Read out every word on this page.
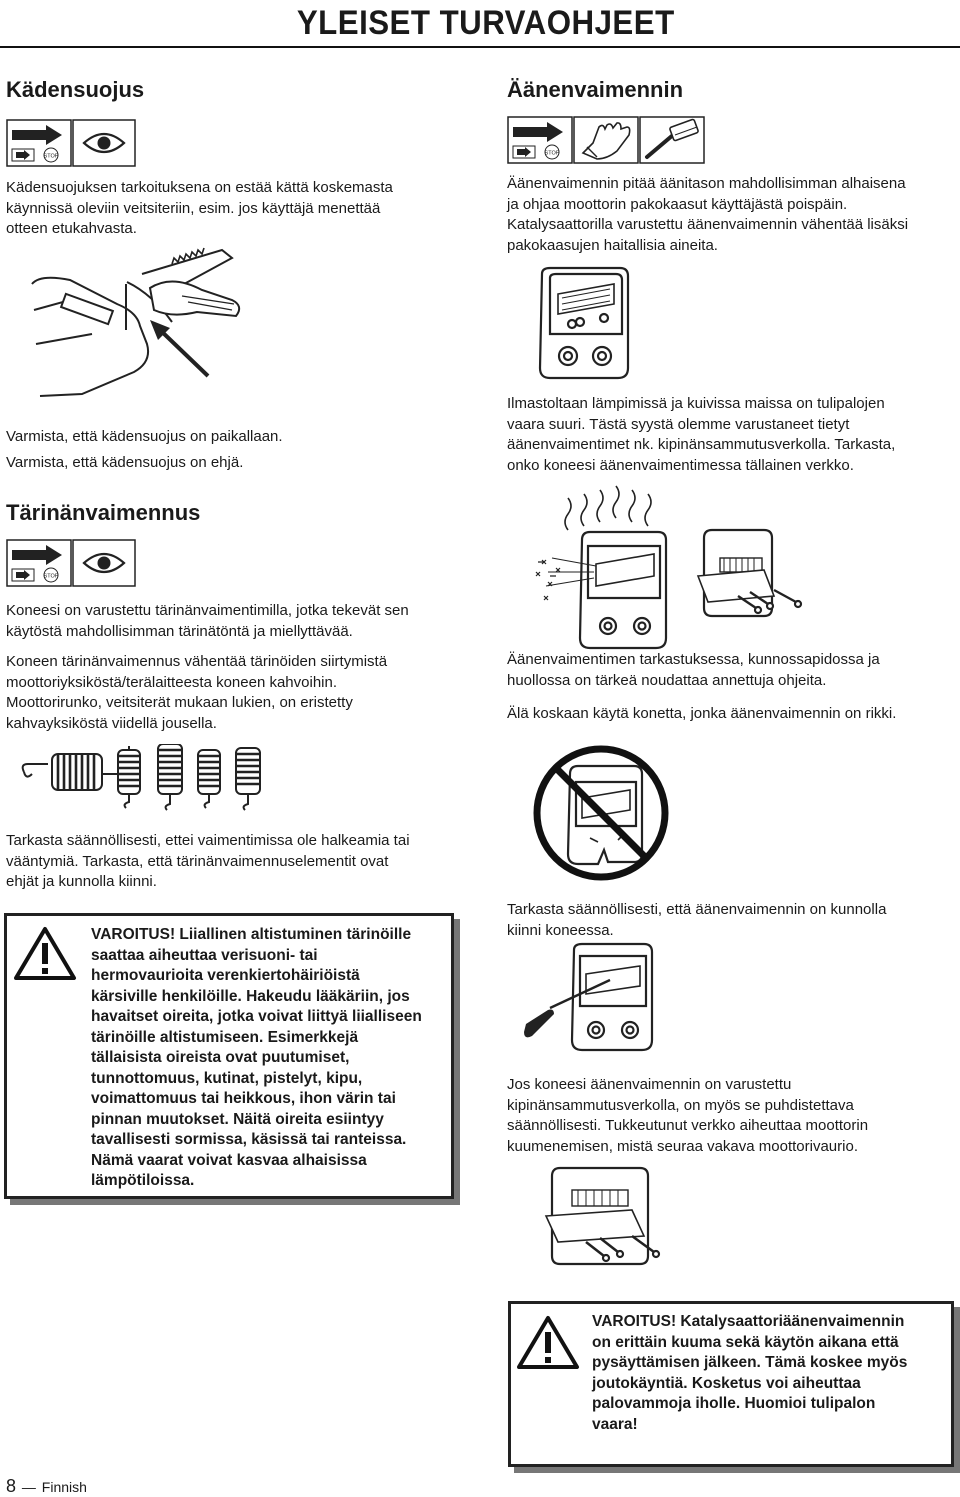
YLEISET TURVAOHJEET
Kädensuojus
STOP
Kädensuojuksen tarkoituksena on estää kättä koskemasta
käynnissä oleviin veitsiteriin, esim. jos käyttäjä menettää
otteen etukahvasta.
Varmista, että kädensuojus on paikallaan.
Varmista, että kädensuojus on ehjä.
Tärinänvaimennus
STOP
Koneesi on varustettu tärinänvaimentimilla, jotka tekevät sen
käytöstä mahdollisimman tärinätöntä ja miellyttävää.
Koneen tärinänvaimennus vähentää tärinöiden siirtymistä
moottoriyksiköstä/terälaitteesta koneen kahvoihin.
Moottorirunko, veitsiterät mukaan lukien, on eristetty
kahvayksiköstä viidellä jousella.
Tarkasta säännöllisesti, ettei vaimentimissa ole halkeamia tai
vääntymiä. Tarkasta, että tärinänvaimennuselementit ovat
ehjät ja kunnolla kiinni.
VAROITUS! Liiallinen altistuminen tärinöille
saattaa aiheuttaa verisuoni- tai
hermovaurioita verenkiertohäiriöistä
kärsiville henkilöille. Hakeudu lääkäriin, jos
havaitset oireita, jotka voivat liittyä liialliseen
tärinöille altistumiseen. Esimerkkejä
tällaisista oireista ovat puutumiset,
tunnottomuus, kutinat, pistelyt, kipu,
voimattomuus tai heikkous, ihon värin tai
pinnan muutokset. Näitä oireita esiintyy
tavallisesti sormissa, käsissä tai ranteissa.
Nämä vaarat voivat kasvaa alhaisissa
lämpötiloissa.
Äänenvaimennin
STOP
Äänenvaimennin pitää äänitason mahdollisimman alhaisena
ja ohjaa moottorin pakokaasut käyttäjästä poispäin.
Katalysaattorilla varustettu äänenvaimennin vähentää lisäksi
pakokaasujen haitallisia aineita.
Ilmastoltaan lämpimissä ja kuivissa maissa on tulipalojen
vaara suuri. Tästä syystä olemme varustaneet tietyt
äänenvaimentimet nk. kipinänsammutusverkolla. Tarkasta,
onko koneesi äänenvaimentimessa tällainen verkko.
Äänenvaimentimen tarkastuksessa, kunnossapidossa ja
huollossa on tärkeä noudattaa annettuja ohjeita.
Älä koskaan käytä konetta, jonka äänenvaimennin on rikki.
Tarkasta säännöllisesti, että äänenvaimennin on kunnolla
kiinni koneessa.
Jos koneesi äänenvaimennin on varustettu
kipinänsammutusverkolla, on myös se puhdistettava
säännöllisesti. Tukkeutunut verkko aiheuttaa moottorin
kuumenemisen, mistä seuraa vakava moottorivaurio.
VAROITUS! Katalysaattoriäänenvaimennin
on erittäin kuuma sekä käytön aikana että
pysäyttämisen jälkeen. Tämä koskee myös
joutokäyntiä. Kosketus voi aiheuttaa
palovammoja iholle. Huomioi tulipalon
vaara!
8 — Finnish
